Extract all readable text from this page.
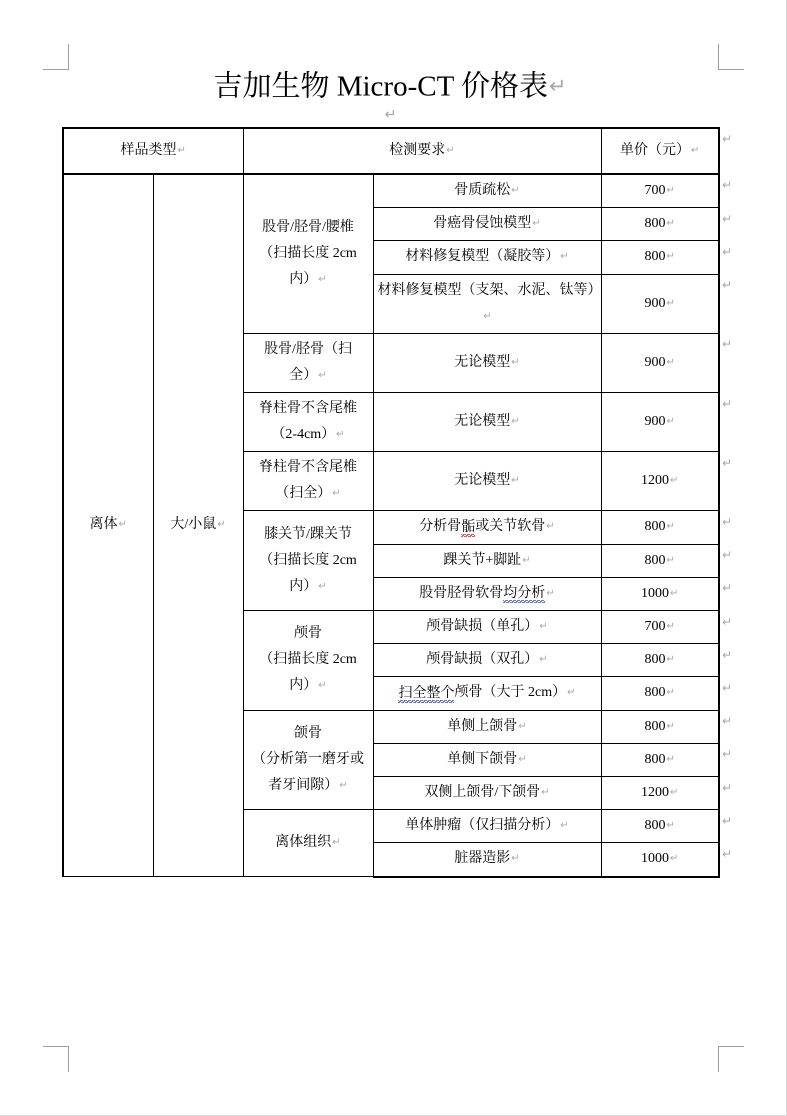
吉加生物 Micro-CT 价格表↵
↵
样品类型↵		检测要求↵		单价（元）↵
离体↵	大/小鼠↵	股骨/胫骨/腰椎
（扫描长度 2cm
内）↵	骨质疏松↵	700↵
			骨癌骨侵蚀模型↵	800↵
			材料修复模型（凝胶等）↵	800↵
			材料修复模型（支架、水泥、钛等）↵	900↵

		股骨/胫骨（扫
全）↵	无论模型↵	900↵

		脊柱骨不含尾椎
（2-4cm）↵	无论模型↵	900↵

		脊柱骨不含尾椎
（扫全）↵	无论模型↵	1200↵

		膝关节/踝关节
（扫描长度 2cm
内）↵	分析骨骺或关节软骨↵	800↵
			踝关节+脚趾↵	800↵
			股骨胫骨软骨均分析↵	1000↵

		颅骨
（扫描长度 2cm
内）↵	颅骨缺损（单孔）↵	700↵
			颅骨缺损（双孔）↵	800↵
			扫全整个颅骨（大于 2cm）↵	800↵

		颌骨
（分析第一磨牙或
者牙间隙）↵	单侧上颌骨↵	800↵
			单侧下颌骨↵	800↵
			双侧上颌骨/下颌骨↵	1200↵

		离体组织↵	单体肿瘤（仅扫描分析）↵	800↵
			脏器造影↵	1000↵
↵
↵
↵
↵
↵
↵
↵
↵
↵
↵
↵
↵
↵
↵
↵
↵
↵
↵
↵
